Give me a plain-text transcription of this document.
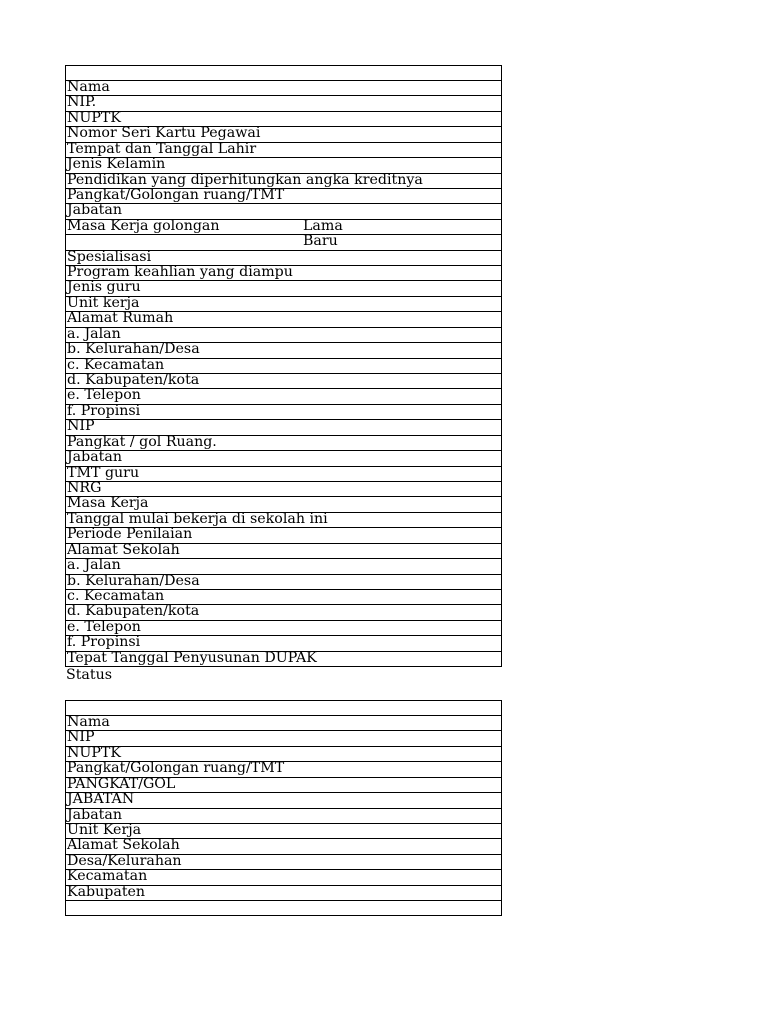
Nama
NIP.
NUPTK
Nomor Seri Kartu Pegawai
Tempat dan Tanggal Lahir
Jenis Kelamin
Pendidikan yang diperhitungkan angka kreditnya
Pangkat/Golongan ruang/TMT
Jabatan
Masa Kerja golongan	Lama
Baru
Spesialisasi
Program keahlian yang diampu
Jenis guru
Unit kerja
Alamat Rumah
a. Jalan
b. Kelurahan/Desa
c. Kecamatan
d. Kabupaten/kota
e. Telepon
f. Propinsi
NIP
Pangkat / gol Ruang.
Jabatan
TMT guru
NRG
Masa Kerja
Tanggal mulai bekerja di sekolah ini
Periode Penilaian
Alamat Sekolah
a. Jalan
b. Kelurahan/Desa
c. Kecamatan
d. Kabupaten/kota
e. Telepon
f. Propinsi
Tepat Tanggal Penyusunan DUPAK
Status
Nama
NIP
NUPTK
Pangkat/Golongan ruang/TMT
PANGKAT/GOL
JABATAN
Jabatan
Unit Kerja
Alamat Sekolah
Desa/Kelurahan
Kecamatan
Kabupaten
